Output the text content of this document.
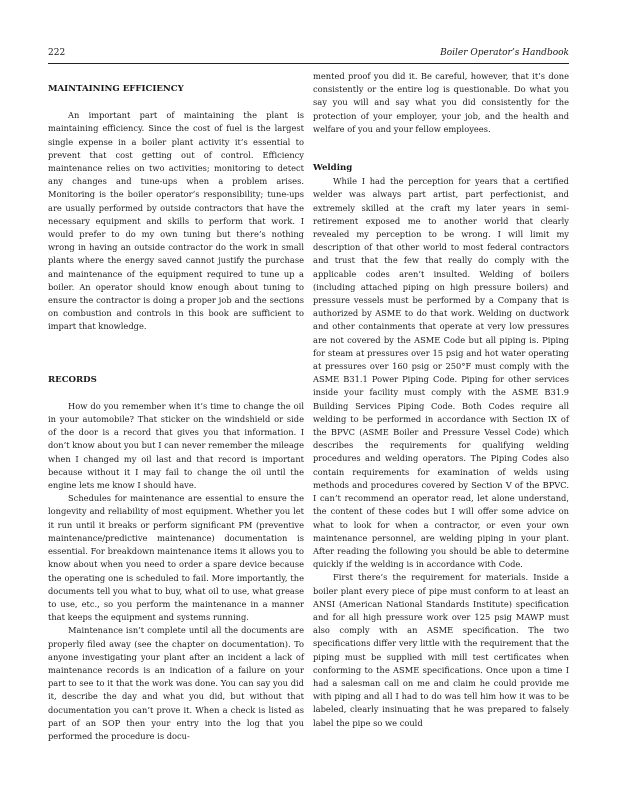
222	Boiler Operator’s Handbook
MAINTAINING EFFICIENCY

An important part of maintaining the plant is maintaining efficiency. Since the cost of fuel is the largest single expense in a boiler plant activity it’s essential to prevent that cost getting out of control. Efficiency maintenance relies on two activities; monitoring to detect any changes and tune-ups when a problem arises. Monitoring is the boiler operator’s responsibility; tune-ups are usually performed by outside contractors that have the necessary equipment and skills to perform that work. I would prefer to do my own tuning but there’s nothing wrong in having an outside contractor do the work in small plants where the energy saved cannot justify the purchase and maintenance of the equipment required to tune up a boiler. An operator should know enough about tuning to ensure the contractor is doing a proper job and the sections on combustion and controls in this book are sufficient to impart that knowledge.

RECORDS

How do you remember when it’s time to change the oil in your automobile? That sticker on the windshield or side of the door is a record that gives you that information. I don’t know about you but I can never remember the mileage when I changed my oil last and that record is important because without it I may fail to change the oil until the engine lets me know I should have.

Schedules for maintenance are essential to ensure the longevity and reliability of most equipment. Whether you let it run until it breaks or perform significant PM (preventive maintenance/predictive maintenance) documentation is essential. For breakdown maintenance items it allows you to know about when you need to order a spare device because the operating one is scheduled to fail. More importantly, the documents tell you what to buy, what oil to use, what grease to use, etc., so you perform the maintenance in a manner that keeps the equipment and systems running.

Maintenance isn’t complete until all the documents are properly filed away (see the chapter on documentation). To anyone investigating your plant after an incident a lack of maintenance records is an indication of a failure on your part to see to it that the work was done. You can say you did it, describe the day and what you did, but without that documentation you can’t prove it. When a check is listed as part of an SOP then your entry into the log that you performed the procedure is docu-

mented proof you did it. Be careful, however, that it’s done consistently or the entire log is questionable. Do what you say you will and say what you did consistently for the protection of your employer, your job, and the health and welfare of you and your fellow employees.

Welding

While I had the perception for years that a certified welder was always part artist, part perfectionist, and extremely skilled at the craft my later years in semi-retirement exposed me to another world that clearly revealed my perception to be wrong. I will limit my description of that other world to most federal contractors and trust that the few that really do comply with the applicable codes aren’t insulted. Welding of boilers (including attached piping on high pressure boilers) and pressure vessels must be performed by a Company that is authorized by ASME to do that work. Welding on ductwork and other containments that operate at very low pressures are not covered by the ASME Code but all piping is. Piping for steam at pressures over 15 psig and hot water operating at pressures over 160 psig or 250°F must comply with the ASME B31.1 Power Piping Code. Piping for other services inside your facility must comply with the ASME B31.9 Building Services Piping Code. Both Codes require all welding to be performed in accordance with Section IX of the BPVC (ASME Boiler and Pressure Vessel Code) which describes the requirements for qualifying welding procedures and welding operators. The Piping Codes also contain requirements for examination of welds using methods and procedures covered by Section V of the BPVC. I can’t recommend an operator read, let alone understand, the content of these codes but I will offer some advice on what to look for when a contractor, or even your own maintenance personnel, are welding piping in your plant. After reading the following you should be able to determine quickly if the welding is in accordance with Code.

First there’s the requirement for materials. Inside a boiler plant every piece of pipe must conform to at least an ANSI (American National Standards Institute) specification and for all high pressure work over 125 psig MAWP must also comply with an ASME specification. The two specifications differ very little with the requirement that the piping must be supplied with mill test certificates when conforming to the ASME specifications. Once upon a time I had a salesman call on me and claim he could provide me with piping and all I had to do was tell him how it was to be labeled, clearly insinuating that he was prepared to falsely label the pipe so we could
